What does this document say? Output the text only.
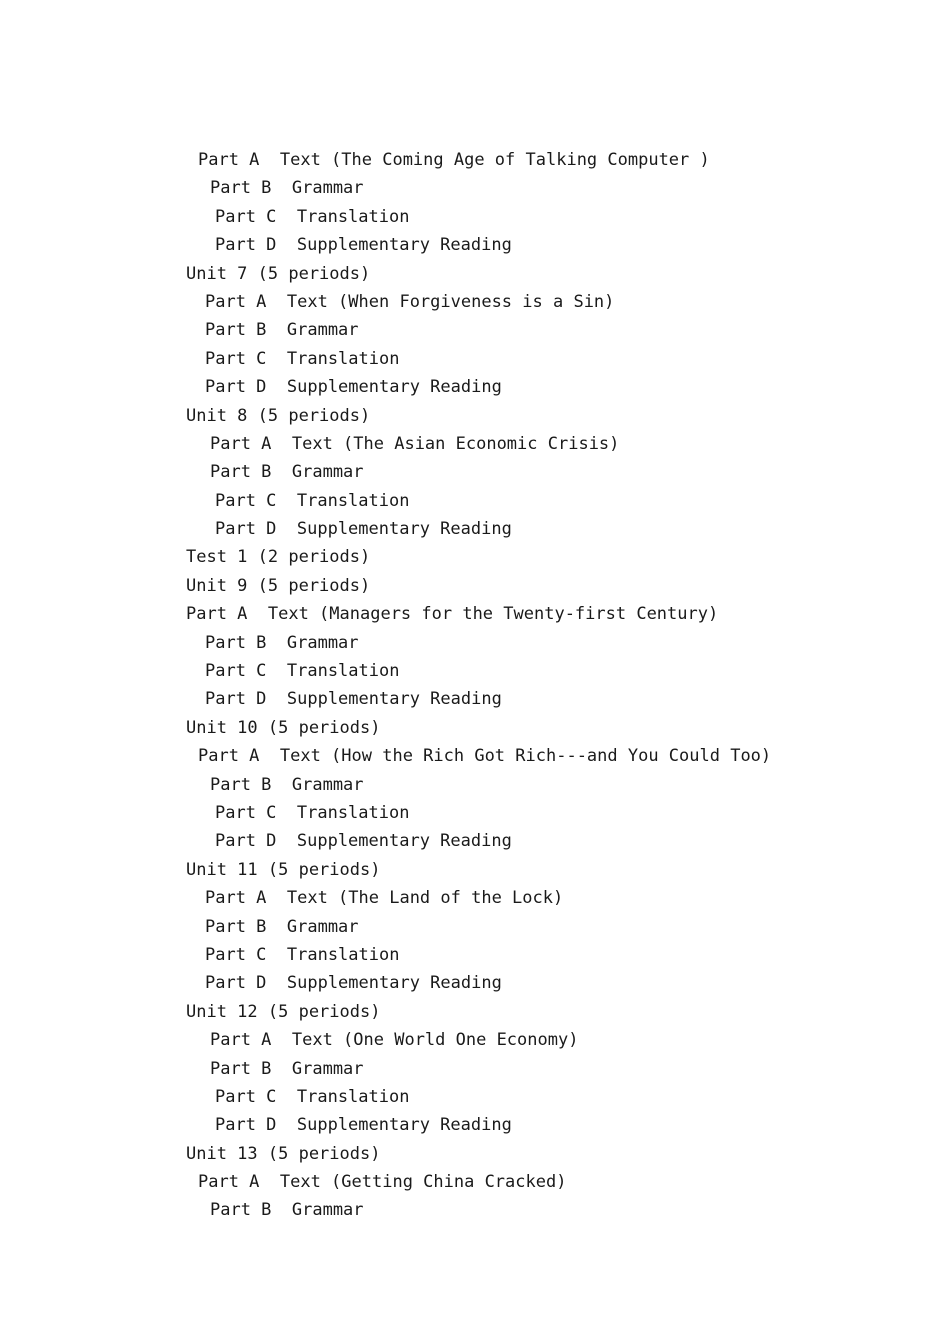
Part A  Text (The Coming Age of Talking Computer )
Part B  Grammar
Part C  Translation
Part D  Supplementary Reading
Unit 7 (5 periods)
Part A  Text (When Forgiveness is a Sin)
Part B  Grammar
Part C  Translation
Part D  Supplementary Reading
Unit 8 (5 periods)
Part A  Text (The Asian Economic Crisis)
Part B  Grammar
Part C  Translation
Part D  Supplementary Reading
Test 1 (2 periods)
Unit 9 (5 periods)
Part A  Text (Managers for the Twenty-first Century)
Part B  Grammar
Part C  Translation
Part D  Supplementary Reading
Unit 10 (5 periods)
Part A  Text (How the Rich Got Rich---and You Could Too)
Part B  Grammar
Part C  Translation
Part D  Supplementary Reading
Unit 11 (5 periods)
Part A  Text (The Land of the Lock)
Part B  Grammar
Part C  Translation
Part D  Supplementary Reading
Unit 12 (5 periods)
Part A  Text (One World One Economy)
Part B  Grammar
Part C  Translation
Part D  Supplementary Reading
Unit 13 (5 periods)
Part A  Text (Getting China Cracked)
Part B  Grammar
